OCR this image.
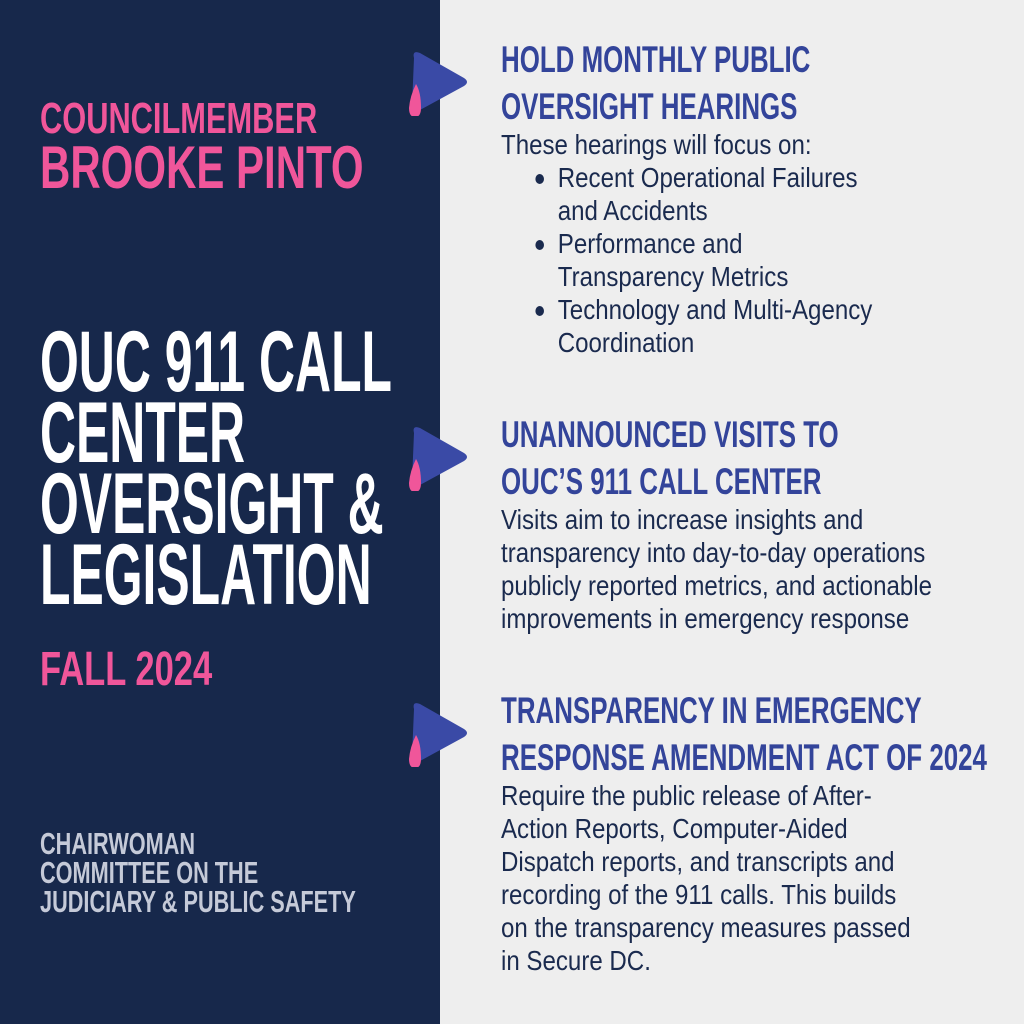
COUNCILMEMBER
BROOKE PINTO
OUC 911 CALL
CENTER
OVERSIGHT &
LEGISLATION
FALL 2024
CHAIRWOMAN
COMMITTEE ON THE
JUDICIARY & PUBLIC SAFETY
HOLD MONTHLY PUBLIC
OVERSIGHT HEARINGS
These hearings will focus on:
Recent Operational Failures
and Accidents
Performance and
Transparency Metrics
Technology and Multi-Agency
Coordination
UNANNOUNCED VISITS TO
OUC’S 911 CALL CENTER
Visits aim to increase insights and
transparency into day-to-day operations
publicly reported metrics, and actionable
improvements in emergency response
TRANSPARENCY IN EMERGENCY
RESPONSE AMENDMENT ACT OF 2024
Require the public release of After-
Action Reports, Computer-Aided
Dispatch reports, and transcripts and
recording of the 911 calls. This builds
on the transparency measures passed
in Secure DC.
